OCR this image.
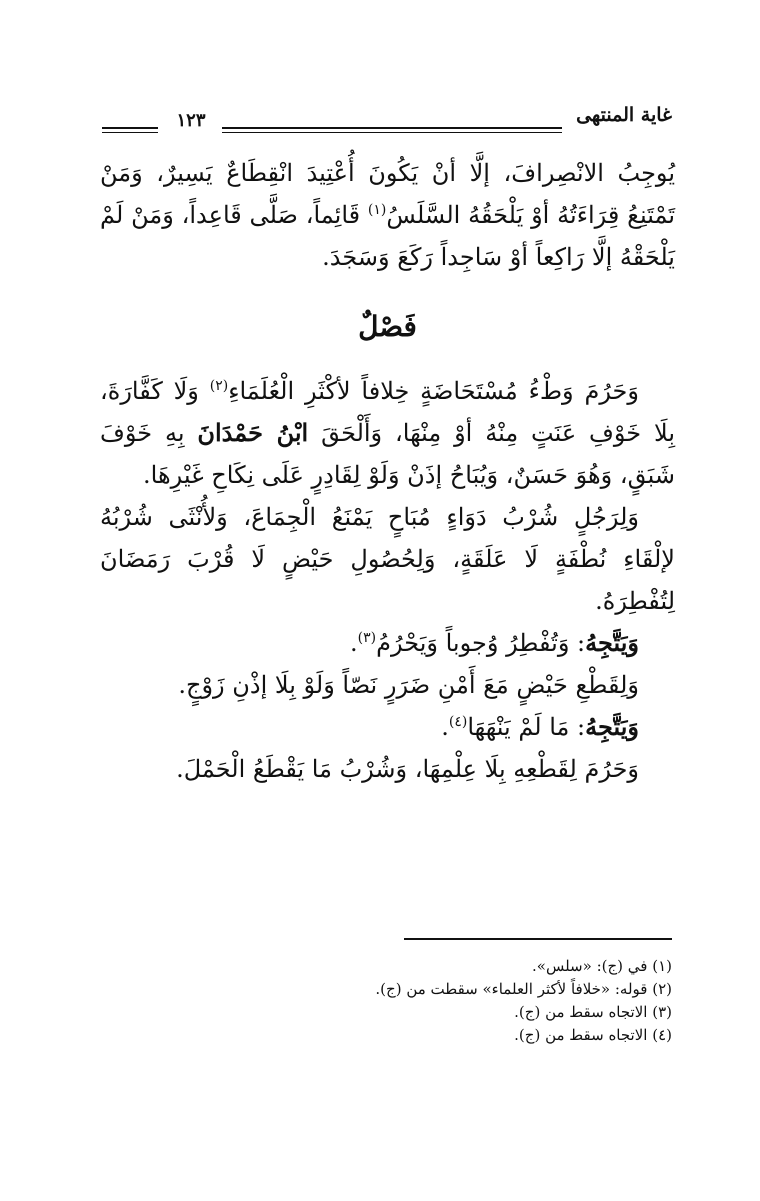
غاية المنتهى
١٢٣

يُوجِبُ الانْصِرافَ، إلَّا أنْ يَكُونَ أُعْتِيدَ انْقِطَاعٌ يَسِيرٌ، وَمَنْ تَمْتَنِعُ قِرَاءَتُهُ أوْ يَلْحَقُهُ السَّلَسُ$^{(١)}$ قَائِماً، صَلَّى قَاعِداً، وَمَنْ لَمْ يَلْحَقْهُ إلَّا رَاكِعاً أوْ سَاجِداً رَكَعَ وَسَجَدَ.

فَصْلٌ

وَحَرُمَ وَطْءُ مُسْتَحَاضَةٍ خِلافاً لأكْثَرِ الْعُلَمَاءِ$^{(٢)}$ وَلَا كَفَّارَةَ، بِلَا خَوْفِ عَنَتٍ مِنْهُ أوْ مِنْهَا، وَأَلْحَقَ ابْنُ حَمْدَانَ بِهِ خَوْفَ شَبَقٍ، وَهُوَ حَسَنٌ، وَيُبَاحُ إذَنْ وَلَوْ لِقَادِرٍ عَلَى نِكَاحِ غَيْرِهَا.

وَلِرَجُلٍ شُرْبُ دَوَاءٍ مُبَاحٍ يَمْنَعُ الْجِمَاعَ، وَلأُنْثَى شُرْبُهُ لإلْقَاءِ نُطْفَةٍ لَا عَلَقَةٍ، وَلِحُصُولِ حَيْضٍ لَا قُرْبَ رَمَضَانَ لِتُفْطِرَهُ.

وَيَتَّجِهُ: وَتُفْطِرُ وُجوباً وَيَحْرُمُ$^{(٣)}$.

وَلِقَطْعِ حَيْضٍ مَعَ أَمْنِ ضَرَرٍ نَصّاً وَلَوْ بِلَا إذْنِ زَوْجٍ.

وَيَتَّجِهُ: مَا لَمْ يَنْهَهَا$^{(٤)}$.

وَحَرُمَ لِقَطْعِهِ بِلَا عِلْمِهَا، وَشُرْبُ مَا يَقْطَعُ الْحَمْلَ.

(١) في (ج): «سلس».

(٢) قوله: «خلافاً لأكثر العلماء» سقطت من (ج).

(٣) الاتجاه سقط من (ج).

(٤) الاتجاه سقط من (ج).
